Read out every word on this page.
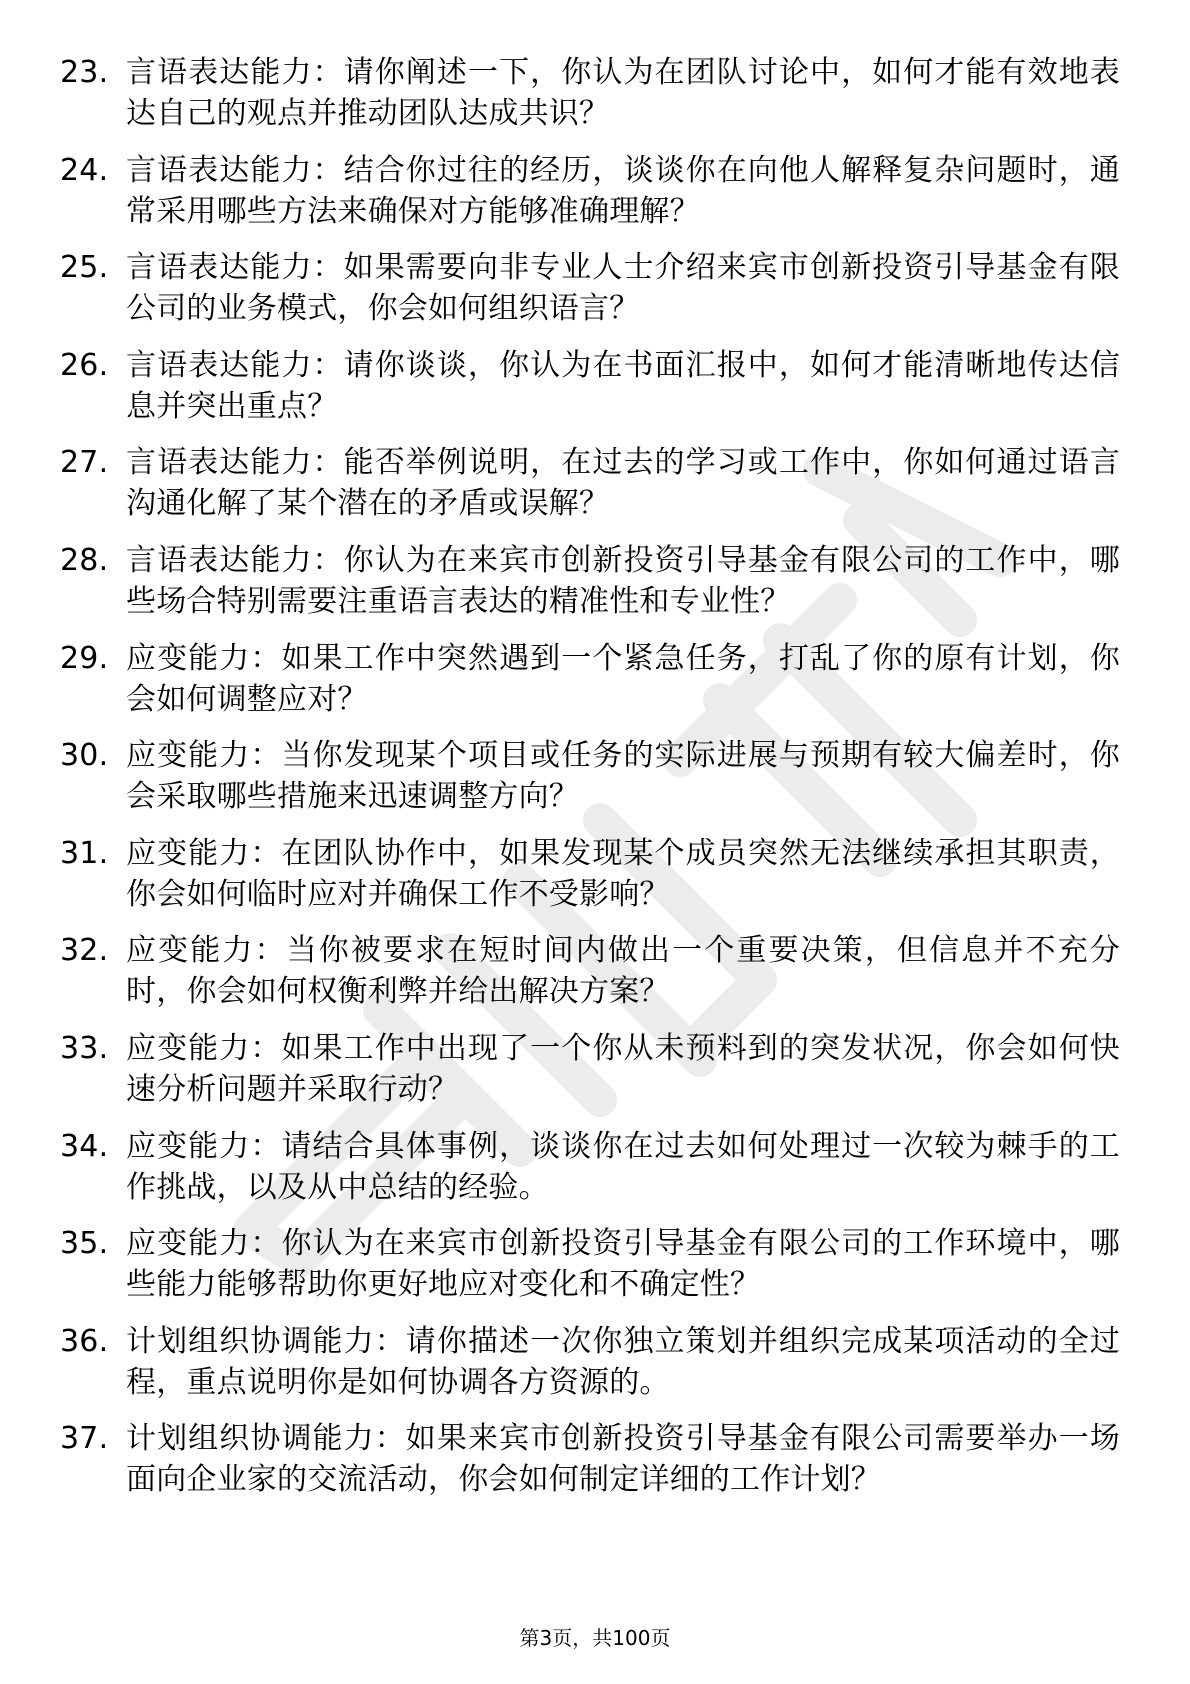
23. 言语表达能力：请你阐述一下，你认为在团队讨论中，如何才能有效地表达自己的观点并推动团队达成共识？
24. 言语表达能力：结合你过往的经历，谈谈你在向他人解释复杂问题时，通常采用哪些方法来确保对方能够准确理解？
25. 言语表达能力：如果需要向非专业人士介绍来宾市创新投资引导基金有限公司的业务模式，你会如何组织语言？
26. 言语表达能力：请你谈谈，你认为在书面汇报中，如何才能清晰地传达信息并突出重点？
27. 言语表达能力：能否举例说明，在过去的学习或工作中，你如何通过语言沟通化解了某个潜在的矛盾或误解？
28. 言语表达能力：你认为在来宾市创新投资引导基金有限公司的工作中，哪些场合特别需要注重语言表达的精准性和专业性？
29. 应变能力：如果工作中突然遇到一个紧急任务，打乱了你的原有计划，你会如何调整应对？
30. 应变能力：当你发现某个项目或任务的实际进展与预期有较大偏差时，你会采取哪些措施来迅速调整方向？
31. 应变能力：在团队协作中，如果发现某个成员突然无法继续承担其职责，你会如何临时应对并确保工作不受影响？
32. 应变能力：当你被要求在短时间内做出一个重要决策，但信息并不充分时，你会如何权衡利弊并给出解决方案？
33. 应变能力：如果工作中出现了一个你从未预料到的突发状况，你会如何快速分析问题并采取行动？
34. 应变能力：请结合具体事例，谈谈你在过去如何处理过一次较为棘手的工作挑战，以及从中总结的经验。
35. 应变能力：你认为在来宾市创新投资引导基金有限公司的工作环境中，哪些能力能够帮助你更好地应对变化和不确定性？
36. 计划组织协调能力：请你描述一次你独立策划并组织完成某项活动的全过程，重点说明你是如何协调各方资源的。
37. 计划组织协调能力：如果来宾市创新投资引导基金有限公司需要举办一场面向企业家的交流活动，你会如何制定详细的工作计划？
第3页，共100页
